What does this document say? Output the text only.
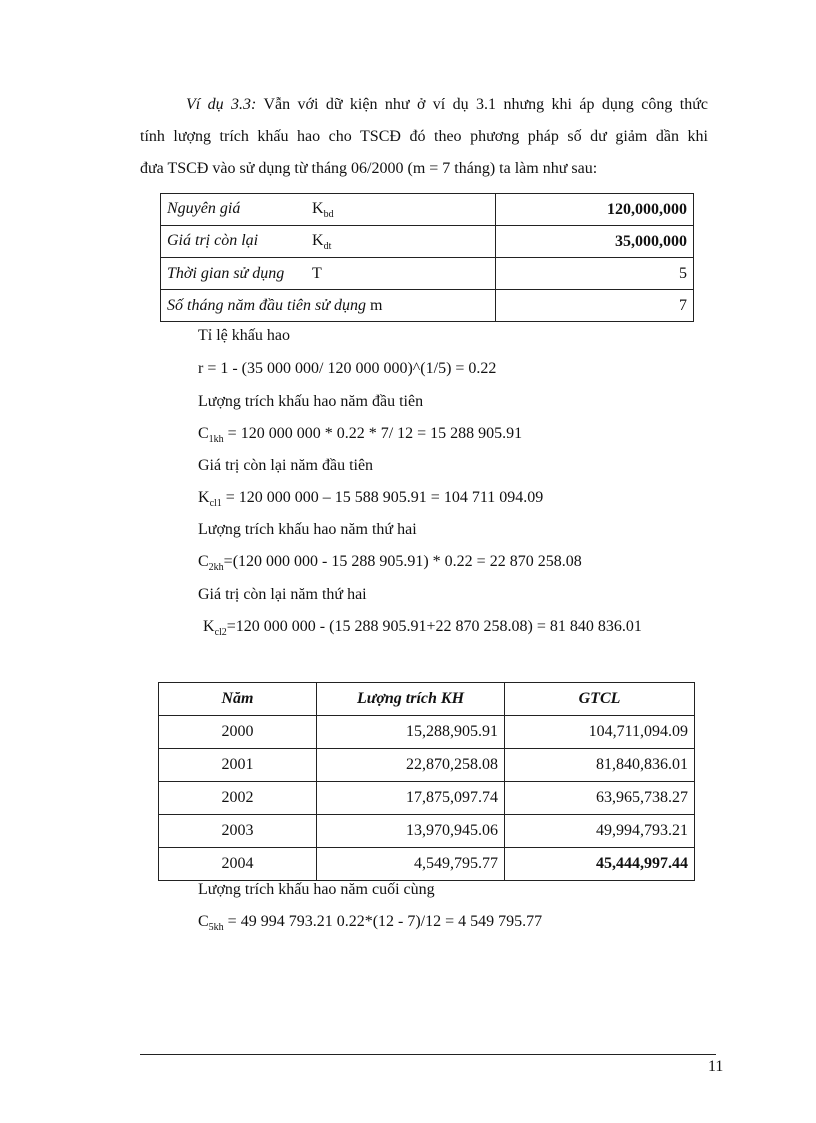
Ví dụ 3.3: Vẫn với dữ kiện như ở ví dụ 3.1 nhưng khi áp dụng công thức
tính lượng trích khấu hao cho TSCĐ đó theo phương pháp số dư giảm dần khi
đưa TSCĐ vào sử dụng từ tháng 06/2000 (m = 7 tháng) ta làm như sau:
Nguyên giá $K_{bd}$	120,000,000
Giá trị còn lại $K_{dt}$	35,000,000
Thời gian sử dụng T	5
Số tháng năm đầu tiên sử dụng m	7
Tỉ lệ khấu hao
r = 1 - (35 000 000/ 120 000 000)^(1/5) = 0.22
Lượng trích khấu hao năm đầu tiên
$C_{1kh} = 120$ 000 000 * 0.22 * 7/ 12 = 15 288 905.91
Giá trị còn lại năm đầu tiên
$K_{cl1} = 120$ 000 000 – 15 588 905.91 = 104 711 094.09
Lượng trích khấu hao năm thứ hai
$C_{2kh}=(120$ 000 000 - 15 288 905.91) * 0.22 = 22 870 258.08
Giá trị còn lại năm thứ hai
$K_{cl2}=120$ 000 000 - (15 288 905.91+22 870 258.08) = 81 840 836.01
Năm	Lượng trích KH	GTCL
2000	15,288,905.91	104,711,094.09
2001	22,870,258.08	81,840,836.01
2002	17,875,097.74	63,965,738.27
2003	13,970,945.06	49,994,793.21
2004	4,549,795.77	45,444,997.44
Lượng trích khấu hao năm cuối cùng
$C_{5kh} = 49$ 994 793.21 0.22*(12 - 7)/12 = 4 549 795.77
11
